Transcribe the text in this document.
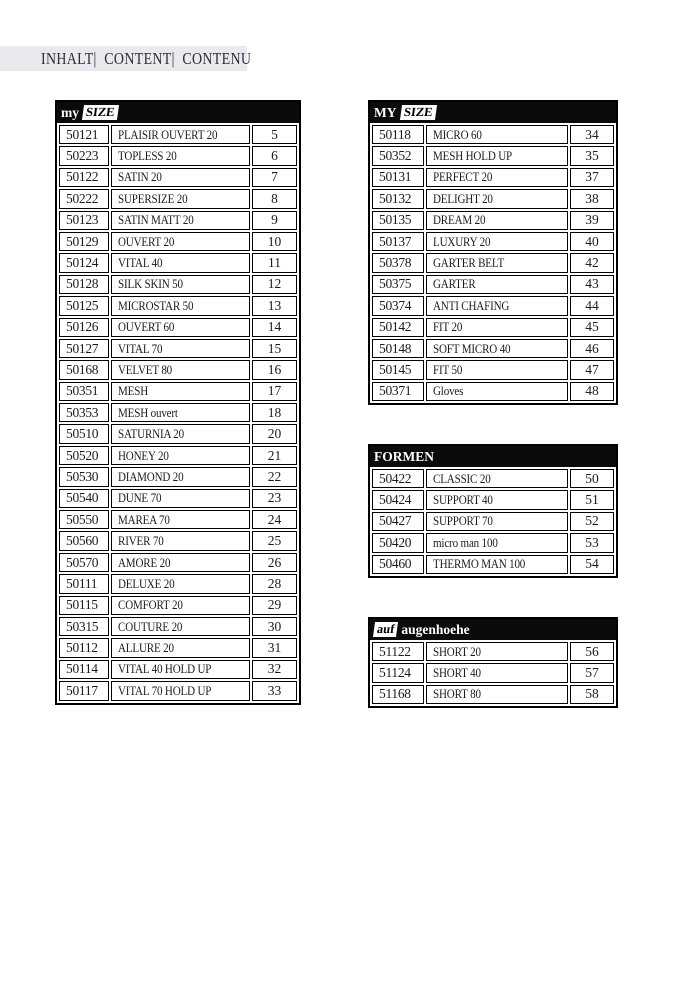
INHALT|  CONTENT|  CONTENU
my SIZE
50121	PLAISIR OUVERT 20	5
50223	TOPLESS 20	6
50122	SATIN 20	7
50222	SUPERSIZE 20	8
50123	SATIN MATT 20	9
50129	OUVERT 20	10
50124	VITAL 40	11
50128	SILK SKIN 50	12
50125	MICROSTAR 50	13
50126	OUVERT 60	14
50127	VITAL 70	15
50168	VELVET 80	16
50351	MESH	17
50353	MESH ouvert	18
50510	SATURNIA 20	20
50520	HONEY 20	21
50530	DIAMOND 20	22
50540	DUNE 70	23
50550	MAREA 70	24
50560	RIVER 70	25
50570	AMORE 20	26
50111	DELUXE 20	28
50115	COMFORT 20	29
50315	COUTURE 20	30
50112	ALLURE 20	31
50114	VITAL 40 HOLD UP	32
50117	VITAL 70 HOLD UP	33
MY SIZE
50118	MICRO 60	34
50352	MESH HOLD UP	35
50131	PERFECT 20	37
50132	DELIGHT 20	38
50135	DREAM 20	39
50137	LUXURY 20	40
50378	GARTER BELT	42
50375	GARTER	43
50374	ANTI CHAFING	44
50142	FIT 20	45
50148	SOFT MICRO 40	46
50145	FIT 50	47
50371	Gloves	48
FORMEN
50422	CLASSIC 20	50
50424	SUPPORT 40	51
50427	SUPPORT 70	52
50420	micro man 100	53
50460	THERMO MAN 100	54
auf augenhoehe
51122	SHORT 20	56
51124	SHORT 40	57
51168	SHORT 80	58
